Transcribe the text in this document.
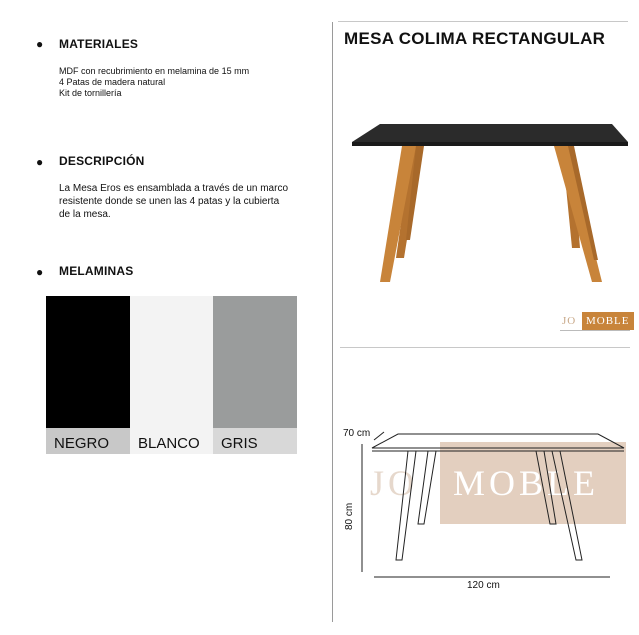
● MATERIALES
MDF con recubrimiento en melamina de 15 mm
4 Patas de madera natural
Kit de tornillería
● DESCRIPCIÓN
La Mesa Eros es ensamblada a través de un marco
resistente donde se unen las 4 patas y la cubierta
de la mesa.
● MELAMINAS
NEGRO BLANCO GRIS
MESA COLIMA RECTANGULAR
JO MOBLE
JO MOBLE
70 cm
80 cm
120 cm
